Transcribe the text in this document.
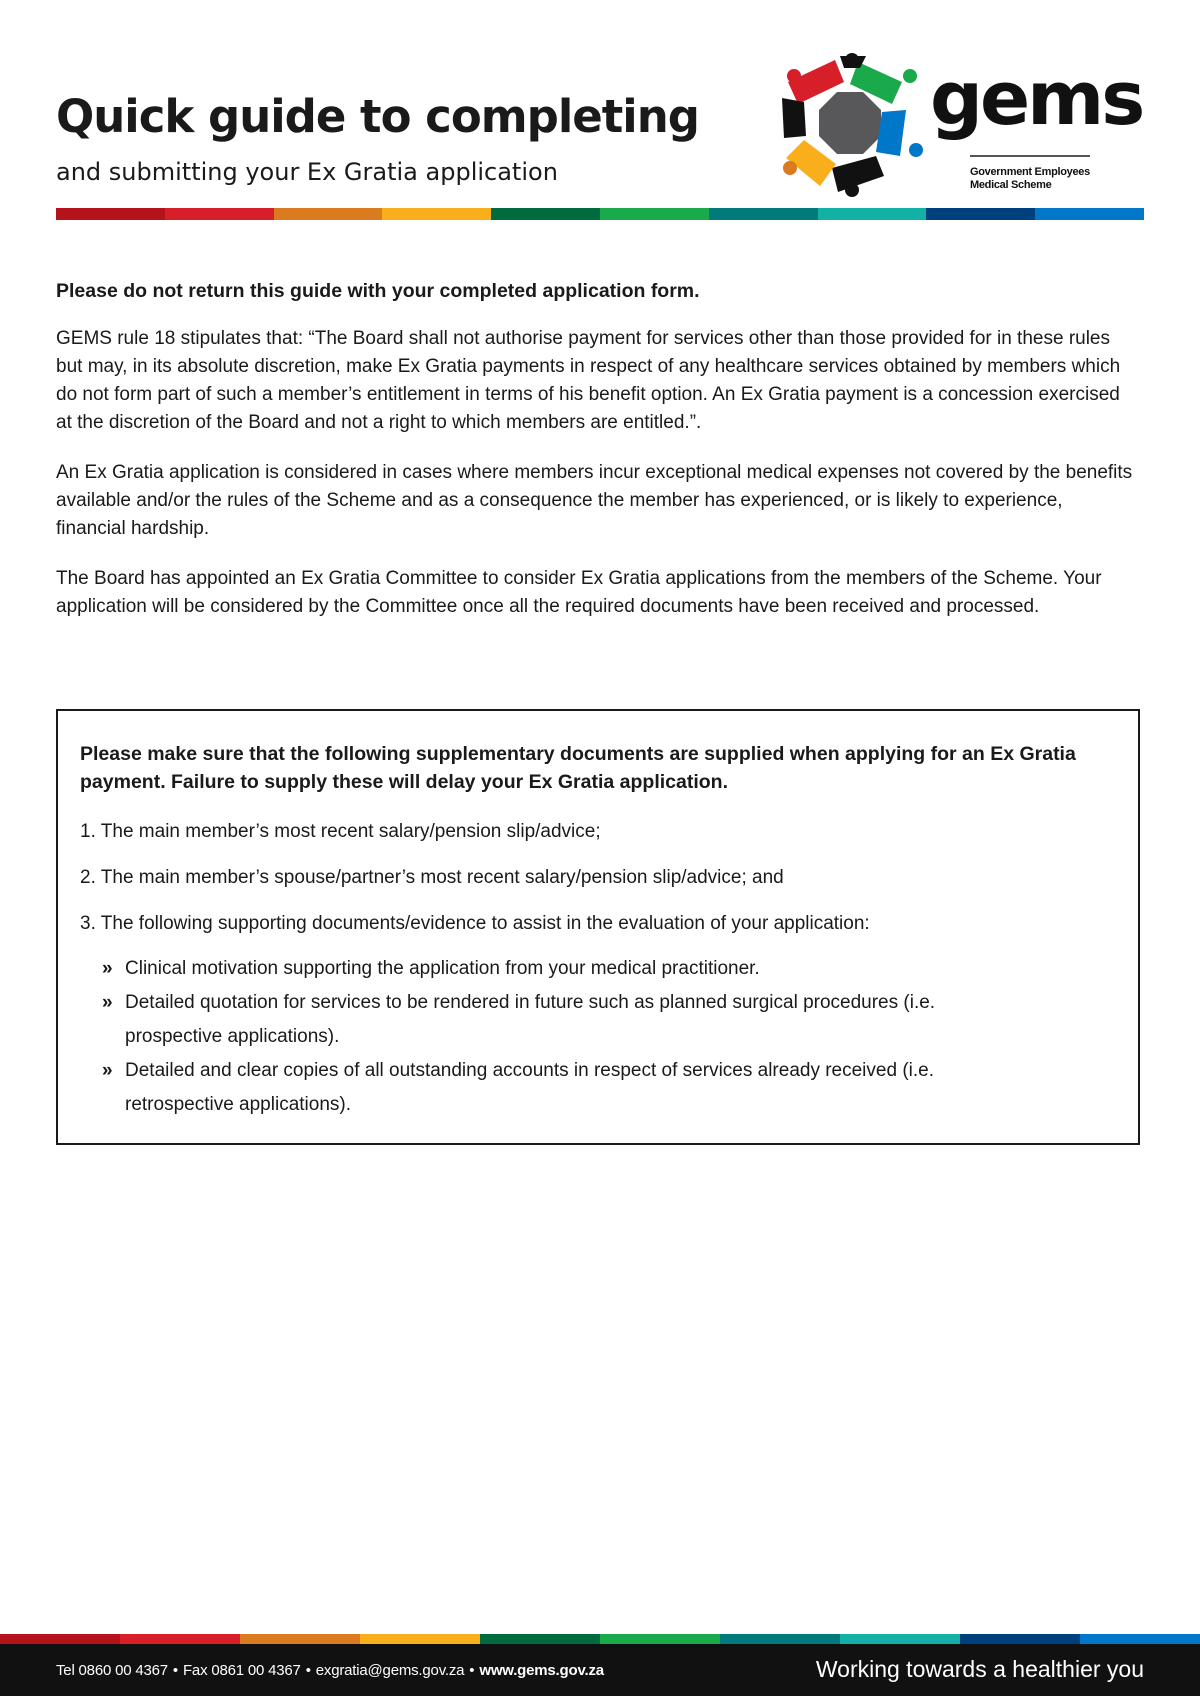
Quick guide to completing

and submitting your Ex Gratia application

gems
Government Employees
Medical Scheme

Please do not return this guide with your completed application form.

GEMS rule 18 stipulates that: “The Board shall not authorise payment for services other than those provided for in these rules but may, in its absolute discretion, make Ex Gratia payments in respect of any healthcare services obtained by members which do not form part of such a member’s entitlement in terms of his benefit option. An Ex Gratia payment is a concession exercised at the discretion of the Board and not a right to which members are entitled.”.

An Ex Gratia application is considered in cases where members incur exceptional medical expenses not covered by the benefits available and/or the rules of the Scheme and as a consequence the member has experienced, or is likely to experience, financial hardship.

The Board has appointed an Ex Gratia Committee to consider Ex Gratia applications from the members of the Scheme. Your application will be considered by the Committee once all the required documents have been received and processed.

Please make sure that the following supplementary documents are supplied when applying for an Ex Gratia payment. Failure to supply these will delay your Ex Gratia application.

1. The main member’s most recent salary/pension slip/advice;

2. The main member’s spouse/partner’s most recent salary/pension slip/advice; and

3. The following supporting documents/evidence to assist in the evaluation of your application:

» Clinical motivation supporting the application from your medical practitioner.
» Detailed quotation for services to be rendered in future such as planned surgical procedures (i.e. prospective applications).
» Detailed and clear copies of all outstanding accounts in respect of services already received (i.e. retrospective applications).
Tel 0860 00 4367 • Fax 0861 00 4367 • exgratia@gems.gov.za • www.gems.gov.za	Working towards a healthier you
